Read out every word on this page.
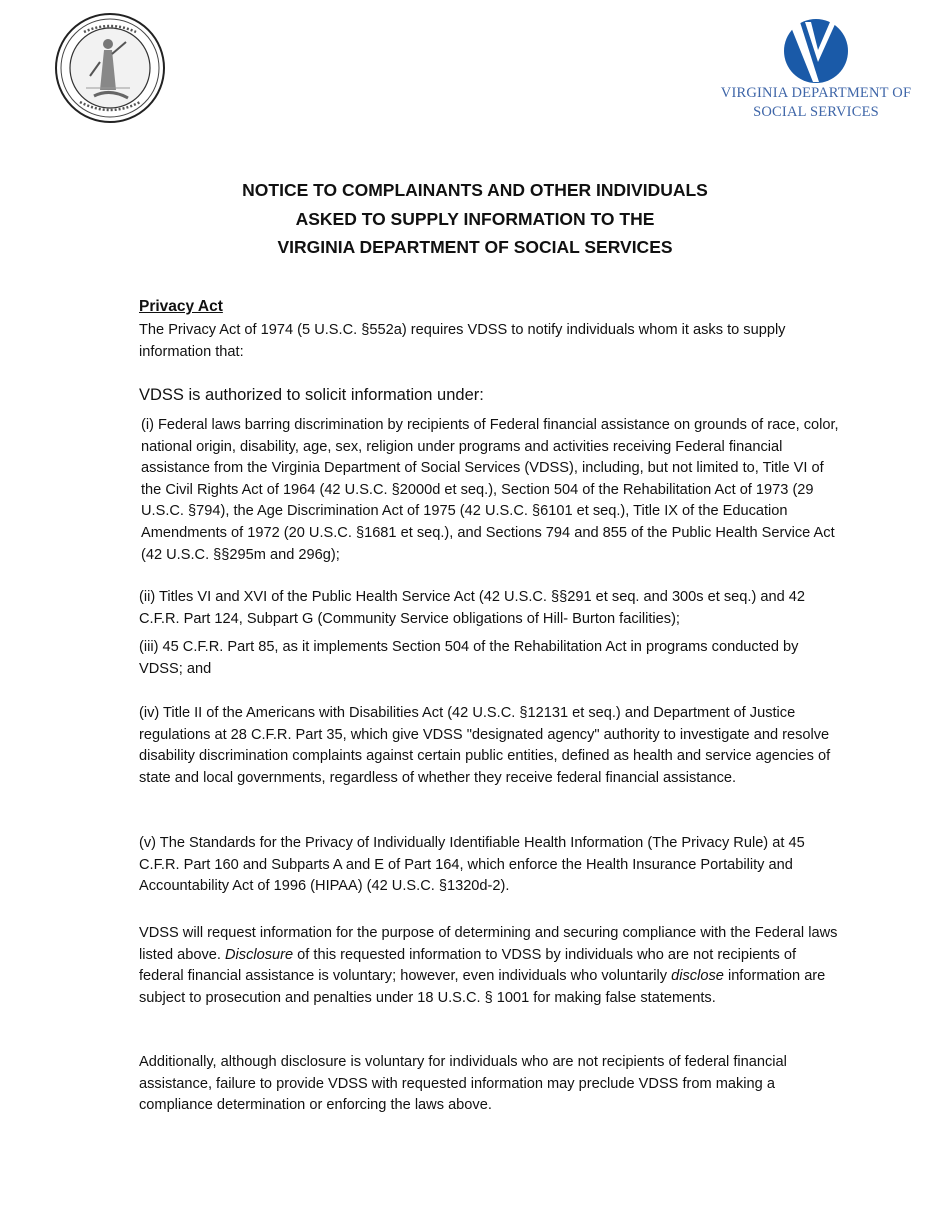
VIRGINIA DEPARTMENT OF
SOCIAL SERVICES
NOTICE TO COMPLAINANTS AND OTHER INDIVIDUALS
ASKED TO SUPPLY INFORMATION TO THE
VIRGINIA DEPARTMENT OF SOCIAL SERVICES
Privacy Act

The Privacy Act of 1974 (5 U.S.C. §552a) requires VDSS to notify individuals whom it asks to supply information that:

VDSS is authorized to solicit information under:

(i) Federal laws barring discrimination by recipients of Federal financial assistance on grounds of race, color, national origin, disability, age, sex, religion under programs and activities receiving Federal financial assistance from the Virginia Department of Social Services (VDSS), including, but not limited to, Title VI of the Civil Rights Act of 1964 (42 U.S.C. §2000d et seq.), Section 504 of the Rehabilitation Act of 1973 (29 U.S.C. §794), the Age Discrimination Act of 1975 (42 U.S.C. §6101 et seq.), Title IX of the Education Amendments of 1972 (20 U.S.C. §1681 et seq.), and Sections 794 and 855 of the Public Health Service Act (42 U.S.C. §§295m and 296g);

(ii) Titles VI and XVI of the Public Health Service Act (42 U.S.C. §§291 et seq. and 300s et seq.) and 42 C.F.R. Part 124, Subpart G (Community Service obligations of Hill- Burton facilities);

(iii) 45 C.F.R. Part 85, as it implements Section 504 of the Rehabilitation Act in programs conducted by VDSS; and

(iv) Title II of the Americans with Disabilities Act (42 U.S.C. §12131 et seq.) and Department of Justice regulations at 28 C.F.R. Part 35, which give VDSS "designated agency" authority to investigate and resolve disability discrimination complaints against certain public entities, defined as health and service agencies of state and local governments, regardless of whether they receive federal financial assistance.

(v) The Standards for the Privacy of Individually Identifiable Health Information (The Privacy Rule) at 45 C.F.R. Part 160 and Subparts A and E of Part 164, which enforce the Health Insurance Portability and Accountability Act of 1996 (HIPAA) (42 U.S.C. §1320d-2).

VDSS will request information for the purpose of determining and securing compliance with the Federal laws listed above. Disclosure of this requested information to VDSS by individuals who are not recipients of federal financial assistance is voluntary; however, even individuals who voluntarily disclose information are subject to prosecution and penalties under 18 U.S.C. § 1001 for making false statements.

Additionally, although disclosure is voluntary for individuals who are not recipients of federal financial assistance, failure to provide VDSS with requested information may preclude VDSS from making a compliance determination or enforcing the laws above.
